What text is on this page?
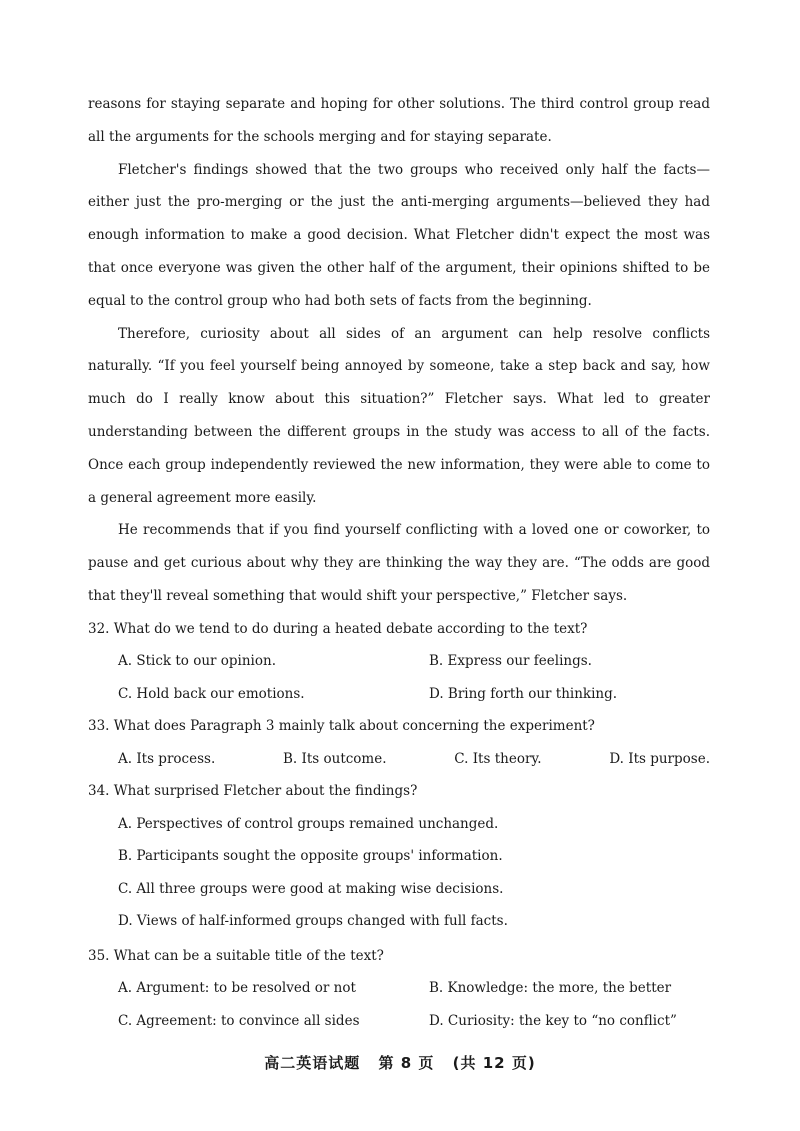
reasons for staying separate and hoping for other solutions. The third control group read all the arguments for the schools merging and for staying separate.

Fletcher's findings showed that the two groups who received only half the facts—either just the pro-merging or the just the anti-merging arguments—believed they had enough information to make a good decision. What Fletcher didn't expect the most was that once everyone was given the other half of the argument, their opinions shifted to be equal to the control group who had both sets of facts from the beginning.

Therefore, curiosity about all sides of an argument can help resolve conflicts naturally. “If you feel yourself being annoyed by someone, take a step back and say, how much do I really know about this situation?” Fletcher says. What led to greater understanding between the different groups in the study was access to all of the facts. Once each group independently reviewed the new information, they were able to come to a general agreement more easily.

He recommends that if you find yourself conflicting with a loved one or coworker, to pause and get curious about why they are thinking the way they are. “The odds are good that they'll reveal something that would shift your perspective,” Fletcher says.

32. What do we tend to do during a heated debate according to the text?
A. Stick to our opinion.	B. Express our feelings.
C. Hold back our emotions.	D. Bring forth our thinking.
33. What does Paragraph 3 mainly talk about concerning the experiment?
A. Its process.	B. Its outcome.	C. Its theory.	D. Its purpose.
34. What surprised Fletcher about the findings?
A. Perspectives of control groups remained unchanged.
B. Participants sought the opposite groups' information.
C. All three groups were good at making wise decisions.
D. Views of half-informed groups changed with full facts.
35. What can be a suitable title of the text?
A. Argument: to be resolved or not	B. Knowledge: the more, the better
C. Agreement: to convince all sides	D. Curiosity: the key to “no conflict”
高二英语试题 第 8 页 (共 12 页)
